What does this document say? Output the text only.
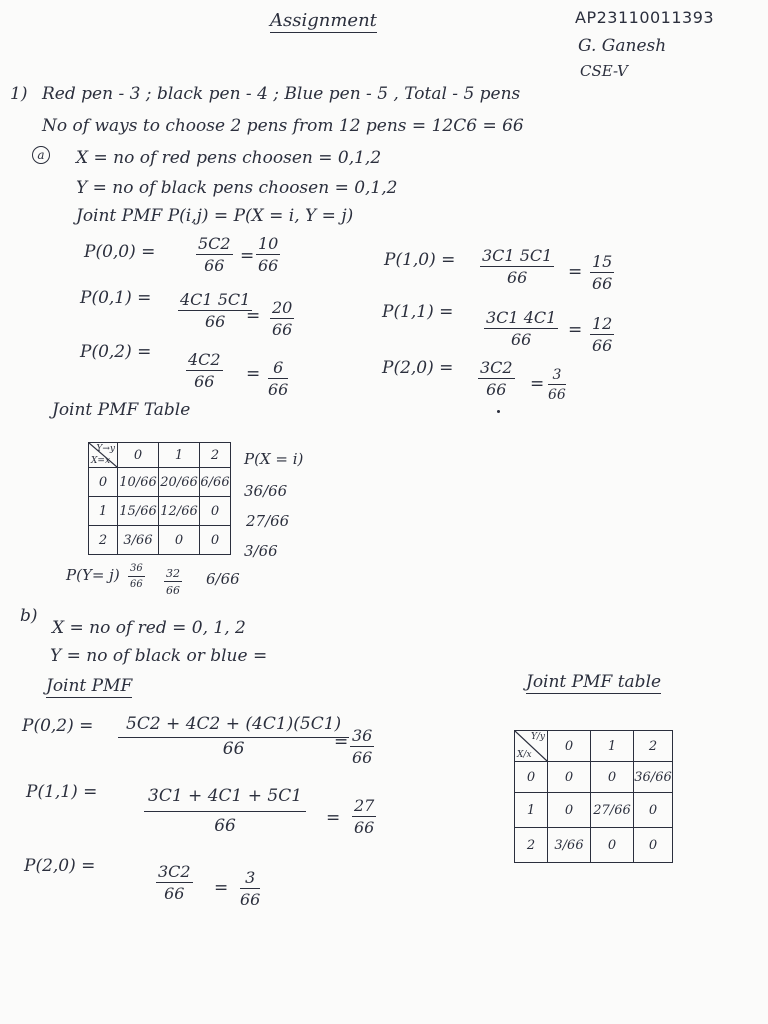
Assignment	AP23110011393
G. Ganesh
CSE-V
1) Red pen - 3 ; black pen - 4 ; Blue pen - 5 , Total - 5 pens
No of ways to choose 2 pens from 12 pens = 12C6 = 66
a	X = no of red pens choosen = 0,1,2
Y = no of black pens choosen = 0,1,2
Joint PMF P(i,j) = P(X = i, Y = j)
P(0,0) =	5C2
66 =
10
66
P(0,1) = 4C1 5C1
66 = 20
66
P(0,2) = 4C2
66 = 6
66
P(1,0) = 3C1 5C1
66 =
15
66
P(1,1) = 3C1 4C1
66 = 12
66
P(2,0) = 3C2
66 = 3
66
Joint PMF Table
Y→y
X=x	0	1	2
0	10/66	20/66	6/66
1	15/66	12/66	0
2	3/66	0	0
P(X = i)
36/66
27/66
3/66
P(Y= j) 36
66
32
66
6/66
b)
X = no of red = 0, 1, 2
Y = no of black or blue =
Joint PMF	Joint PMF table
P(0,2) =	5C2 + 4C2 + (4C1)(5C1)
66	= 36
66
P(1,1) =	3C1 + 4C1 + 5C1
66	=
27
66
P(2,0) =	3C2
66 =
3
66
Y/y
X/x	0	1	2
0	0	0	36/66
1	0	27/66	0
2	3/66	0	0
